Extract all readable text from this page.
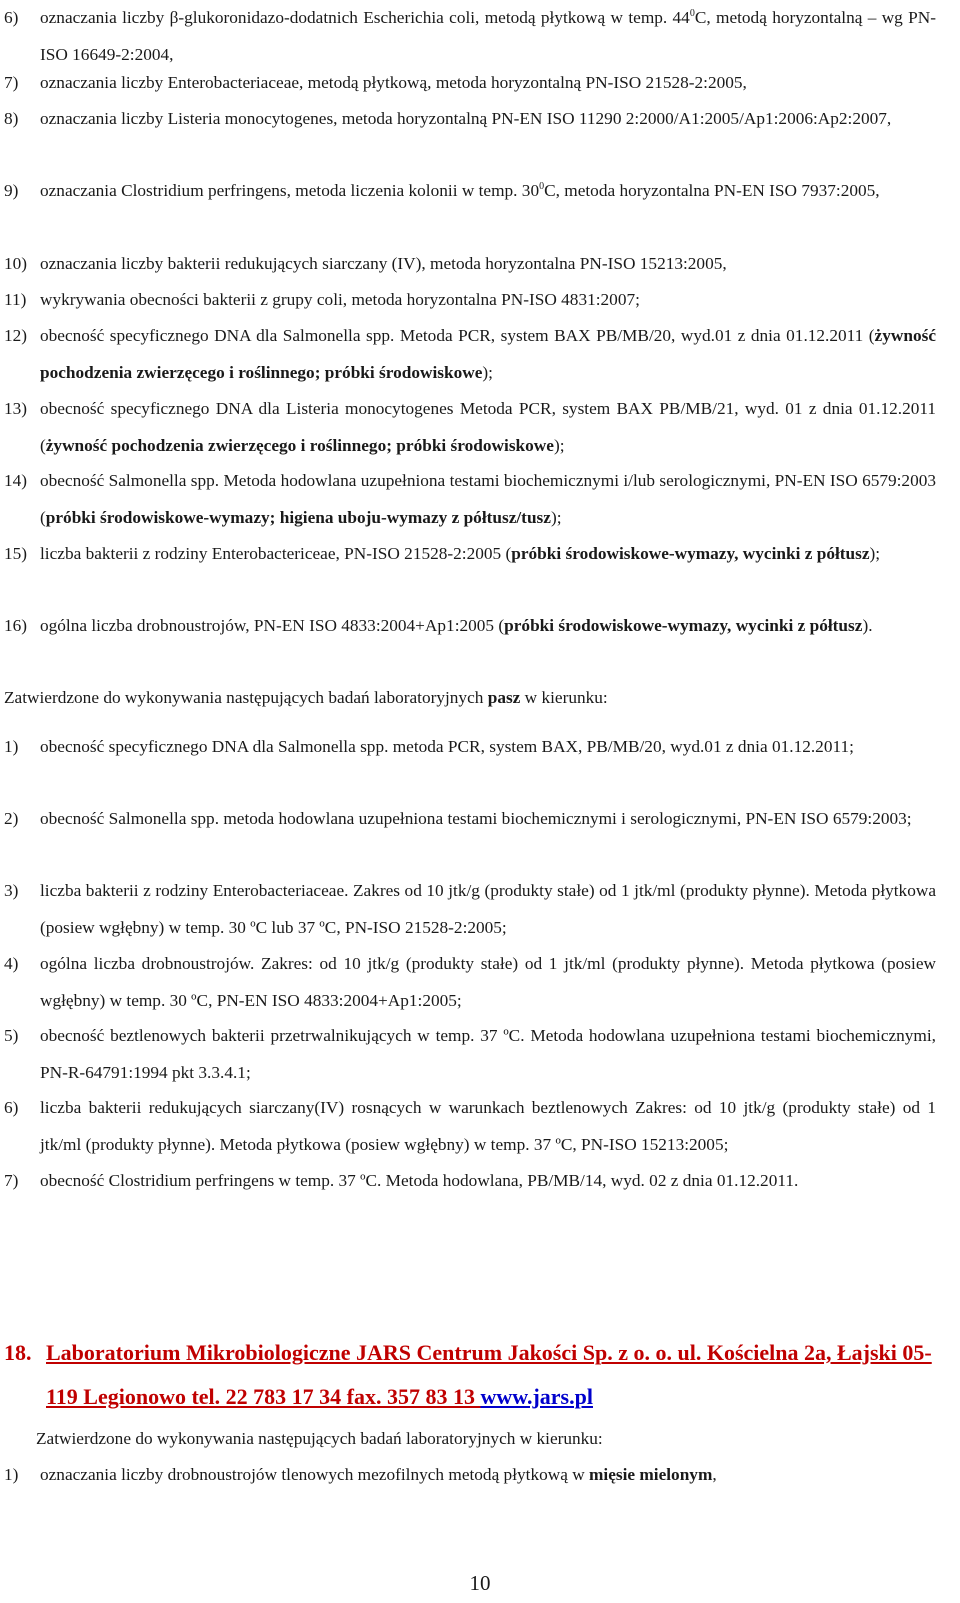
6) oznaczania liczby β-glukoronidazo-dodatnich Escherichia coli, metodą płytkową w temp. $44^0C$, metodą horyzontalną – wg PN-ISO 16649-2:2004,
7) oznaczania liczby Enterobacteriaceae, metodą płytkową, metoda horyzontalną PN-ISO 21528-2:2005,
8) oznaczania liczby Listeria monocytogenes, metoda horyzontalną PN-EN ISO 11290 2:2000/A1:2005/Ap1:2006:Ap2:2007,
9) oznaczania Clostridium perfringens, metoda liczenia kolonii w temp. $30^0C$, metoda horyzontalna PN-EN ISO 7937:2005,
10) oznaczania liczby bakterii redukujących siarczany (IV), metoda horyzontalna PN-ISO 15213:2005,
11) wykrywania obecności bakterii z grupy coli, metoda horyzontalna PN-ISO 4831:2007;
12) obecność specyficznego DNA dla Salmonella spp. Metoda PCR, system BAX PB/MB/20, wyd.01 z dnia 01.12.2011 (żywność pochodzenia zwierzęcego i roślinnego; próbki środowiskowe);
13) obecność specyficznego DNA dla Listeria monocytogenes Metoda PCR, system BAX PB/MB/21, wyd. 01 z dnia 01.12.2011 (żywność pochodzenia zwierzęcego i roślinnego; próbki środowiskowe);
14) obecność Salmonella spp. Metoda hodowlana uzupełniona testami biochemicznymi i/lub serologicznymi, PN-EN ISO 6579:2003 (próbki środowiskowe-wymazy; higiena uboju-wymazy z półtusz/tusz);
15) liczba bakterii z rodziny Enterobactericeae, PN-ISO 21528-2:2005 (próbki środowiskowe-wymazy, wycinki z półtusz);
16) ogólna liczba drobnoustrojów, PN-EN ISO 4833:2004+Ap1:2005 (próbki środowiskowe-wymazy, wycinki z półtusz).
Zatwierdzone do wykonywania następujących badań laboratoryjnych pasz w kierunku:
1) obecność specyficznego DNA dla Salmonella spp. metoda PCR, system BAX, PB/MB/20, wyd.01 z dnia 01.12.2011;
2) obecność Salmonella spp. metoda hodowlana uzupełniona testami biochemicznymi i serologicznymi, PN-EN ISO 6579:2003;
3) liczba bakterii z rodziny Enterobacteriaceae. Zakres od 10 jtk/g (produkty stałe) od 1 jtk/ml (produkty płynne). Metoda płytkowa (posiew wgłębny) w temp. 30 ºC lub 37 ºC, PN-ISO 21528-2:2005;
4) ogólna liczba drobnoustrojów. Zakres: od 10 jtk/g (produkty stałe) od 1 jtk/ml (produkty płynne). Metoda płytkowa (posiew wgłębny) w temp. 30 ºC, PN-EN ISO 4833:2004+Ap1:2005;
5) obecność beztlenowych bakterii przetrwalnikujących w temp. 37 ºC. Metoda hodowlana uzupełniona testami biochemicznymi, PN-R-64791:1994 pkt 3.3.4.1;
6) liczba bakterii redukujących siarczany(IV) rosnących w warunkach beztlenowych Zakres: od 10 jtk/g (produkty stałe) od 1 jtk/ml (produkty płynne). Metoda płytkowa (posiew wgłębny) w temp. 37 ºC, PN-ISO 15213:2005;
7) obecność Clostridium perfringens w temp. 37 ºC. Metoda hodowlana, PB/MB/14, wyd. 02 z dnia 01.12.2011.
18. Laboratorium Mikrobiologiczne JARS Centrum Jakości Sp. z o. o. ul. Kościelna 2a, Łajski 05-119 Legionowo tel. 22 783 17 34 fax. 357 83 13 www.jars.pl
Zatwierdzone do wykonywania następujących badań laboratoryjnych w kierunku:
1) oznaczania liczby drobnoustrojów tlenowych mezofilnych metodą płytkową w mięsie mielonym,
10
